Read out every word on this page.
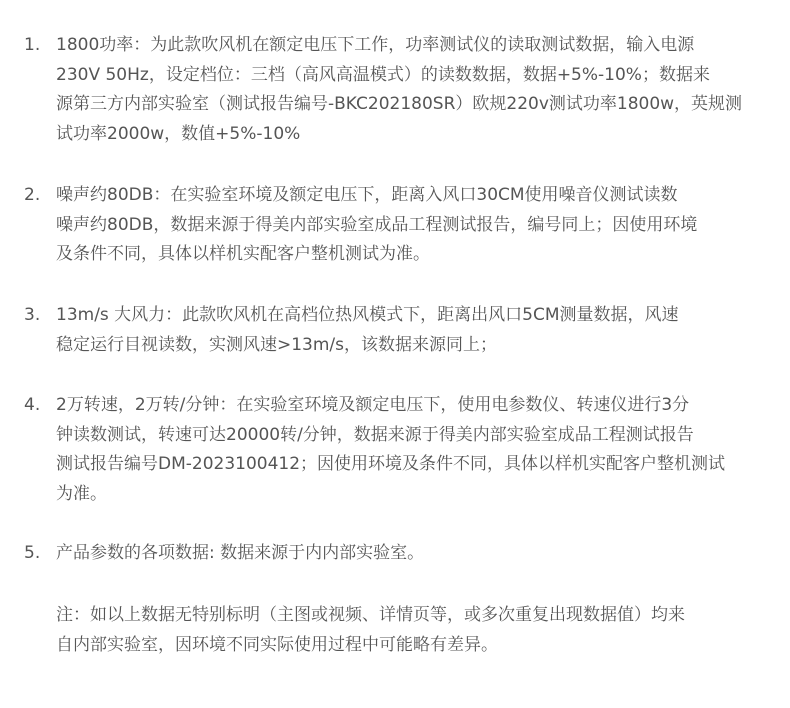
1. 1800功率：为此款吹风机在额定电压下工作，功率测试仪的读取测试数据，输入电源
230V 50Hz，设定档位：三档（高风高温模式）的读数数据，数据+5%-10%；数据来
源第三方内部实验室（测试报告编号-BKC202180SR）欧规220v测试功率1800w，英规测
试功率2000w，数值+5%-10%
2. 噪声约80DB：在实验室环境及额定电压下，距离入风口30CM使用噪音仪测试读数
噪声约80DB，数据来源于得美内部实验室成品工程测试报告，编号同上；因使用环境
及条件不同，具体以样机实配客户整机测试为准。
3. 13m/s 大风力：此款吹风机在高档位热风模式下，距离出风口5CM测量数据，风速
稳定运行目视读数，实测风速>13m/s，该数据来源同上；
4. 2万转速，2万转/分钟：在实验室环境及额定电压下，使用电参数仪、转速仪进行3分
钟读数测试，转速可达20000转/分钟，数据来源于得美内部实验室成品工程测试报告
测试报告编号DM-2023100412；因使用环境及条件不同，具体以样机实配客户整机测试
为准。
5. 产品参数的各项数据: 数据来源于内内部实验室。
注：如以上数据无特别标明（主图或视频、详情页等，或多次重复出现数据值）均来
自内部实验室，因环境不同实际使用过程中可能略有差异。
